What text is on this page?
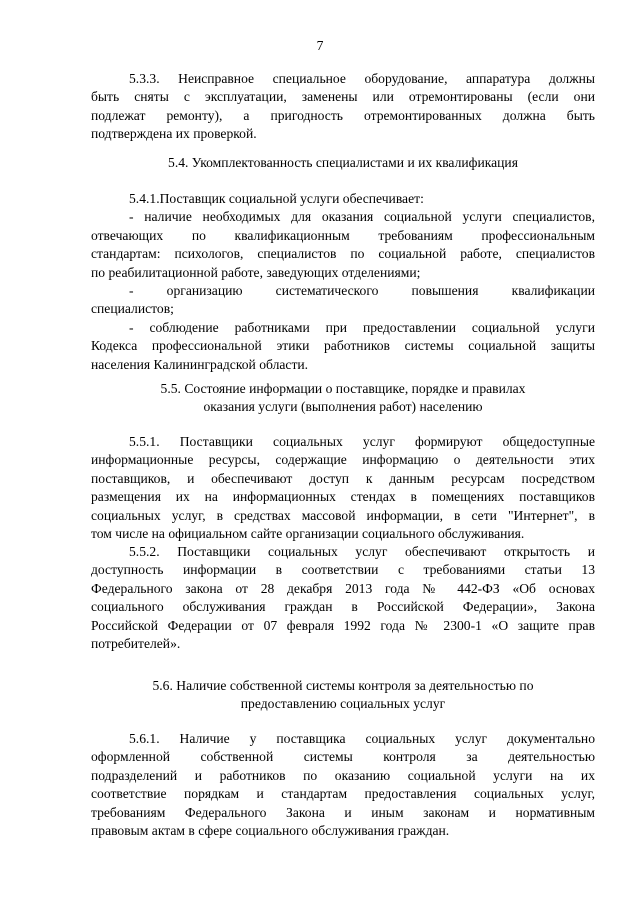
7

5.3.3. Неисправное специальное оборудование, аппаратура должны

быть сняты с эксплуатации, заменены или отремонтированы (если они

подлежат ремонту), а пригодность отремонтированных должна быть

подтверждена их проверкой.

5.4. Укомплектованность специалистами и их квалификация

5.4.1.Поставщик социальной услуги обеспечивает:

- наличие необходимых для оказания социальной услуги специалистов,

отвечающих по квалификационным требованиям профессиональным

стандартам: психологов, специалистов по социальной работе, специалистов

по реабилитационной работе, заведующих отделениями;

- организацию систематического повышения квалификации

специалистов;

- соблюдение работниками при предоставлении социальной услуги

Кодекса профессиональной этики работников системы социальной защиты

населения Калининградской области.

5.5. Состояние информации о поставщике, порядке и правилах

оказания услуги (выполнения работ) населению

5.5.1. Поставщики социальных услуг формируют общедоступные

информационные ресурсы, содержащие информацию о деятельности этих

поставщиков, и обеспечивают доступ к данным ресурсам посредством

размещения их на информационных стендах в помещениях поставщиков

социальных услуг, в средствах массовой информации, в сети "Интернет", в

том числе на официальном сайте организации социального обслуживания.

5.5.2. Поставщики социальных услуг обеспечивают открытость и

доступность информации в соответствии с требованиями статьи 13

Федерального закона от 28 декабря 2013 года № 442-ФЗ «Об основах

социального обслуживания граждан в Российской Федерации», Закона

Российской Федерации от 07 февраля 1992 года № 2300-1 «О защите прав

потребителей».

5.6. Наличие собственной системы контроля за деятельностью по

предоставлению социальных услуг

5.6.1. Наличие у поставщика социальных услуг документально

оформленной собственной системы контроля за деятельностью

подразделений и работников по оказанию социальной услуги на их

соответствие порядкам и стандартам предоставления социальных услуг,

требованиям Федерального Закона и иным законам и нормативным

правовым актам в сфере социального обслуживания граждан.
